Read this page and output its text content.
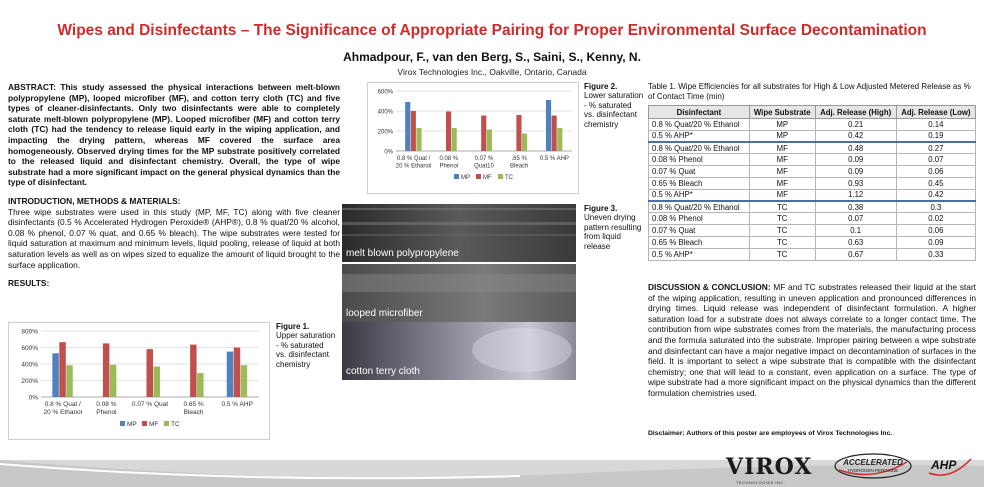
Wipes and Disinfectants – The Significance of Appropriate Pairing for Proper Environmental Surface Decontamination
Ahmadpour, F., van den Berg, S., Saini, S., Kenny, N.
Virox Technologies Inc., Oakville, Ontario, Canada
ABSTRACT: This study assessed the physical interactions between melt-blown polypropylene (MP), looped microfiber (MF), and cotton terry cloth (TC) and five types of cleaner-disinfectants. Only two disinfectants were able to completely saturate melt-blown polypropylene (MP). Looped microfiber (MF) and cotton terry cloth (TC) had the tendency to release liquid early in the wiping application, and impacting the drying pattern, whereas MF covered the surface area homogeneously. Observed drying times for the MP substrate positively correlated to the released liquid and disinfectant chemistry. Overall, the type of wipe substrate had a more significant impact on the general physical dynamics than the type of disinfectant.
INTRODUCTION, METHODS & MATERIALS:
Three wipe substrates were used in this study (MP, MF, TC) along with five cleaner disinfectants (0.5 % Accelerated Hydrogen Peroxide® (AHP®), 0.8 % quat/20 % alcohol, 0.08 % phenol, 0.07 % quat, and 0.65 % bleach). The wipe substrates were tested for liquid saturation at maximum and minimum levels, liquid pooling, release of liquid at both saturation levels as well as on wipes sized to equalize the amount of liquid brought to the surface application.
RESULTS:
0%
200%
400%
600%
800%
0.8 % Quat / 20 % Ethanol
0.08 % Phenol
0.07 % Quat 0.65 % Bleach
0.5 % AHP
MP MF TC
Figure 1.
Upper saturation - % saturated vs. disinfectant chemistry
0%
200%
400%
600%
0.8 % Quat / 20 % Ethanol
0.08 % Phenol
0.07 % Quat10
.65 % Bleach
0.5 % AHP
MP MF TC
Figure 2.
Lower saturation - % saturated vs. disinfectant chemistry
melt blown polypropylene
looped microfiber
cotton terry cloth
Figure 3.
Uneven drying pattern resulting from liquid release
Table 1. Wipe Efficiencies for all substrates for High & Low Adjusted Metered Release as % of Contact Time (min)
Disinfectant	Wipe Substrate	Adj. Release (High)	Adj. Release (Low)
0.8 % Quat/20 % Ethanol	MP	0.21	0.14
0.5 % AHP*	MP	0.42	0.19
0.8 % Quat/20 % Ethanol	MF	0.48	0.27
0.08 % Phenol	MF	0.09	0.07
0.07 % Quat	MF	0.09	0.06
0.65 % Bleach	MF	0.93	0.45
0.5 % AHP*	MF	1.12	0.42
0.8 % Quat/20 % Ethanol	TC	0.38	0.3
0.08 % Phenol	TC	0.07	0.02
0.07 % Quat	TC	0.1	0.06
0.65 % Bleach	TC	0.63	0.09
0.5 % AHP*	TC	0.67	0.33
DISCUSSION & CONCLUSION: MF and TC substrates released their liquid at the start of the wiping application, resulting in uneven application and pronounced differences in drying times. Liquid release was independent of disinfectant formulation. A higher saturation load for a substrate does not always correlate to a longer contact time. The contribution from wipe substrates comes from the materials, the manufacturing process and the formula saturated into the substrate. Improper pairing between a wipe substrate and disinfectant can have a major negative impact on decontamination of surfaces in the field. It is important to select a wipe substrate that is compatible with the disinfectant chemistry; one that will lead to a constant, even application on a surface. The type of wipe substrate had a more significant impact on the physical dynamics than the different formulation chemistries used.
Disclaimer: Authors of this poster are employees of Virox Technologies Inc.
VIROX
TECHNOLOGIES INC.
ACCELERATED
HYDROGEN PEROXIDE	AHP
